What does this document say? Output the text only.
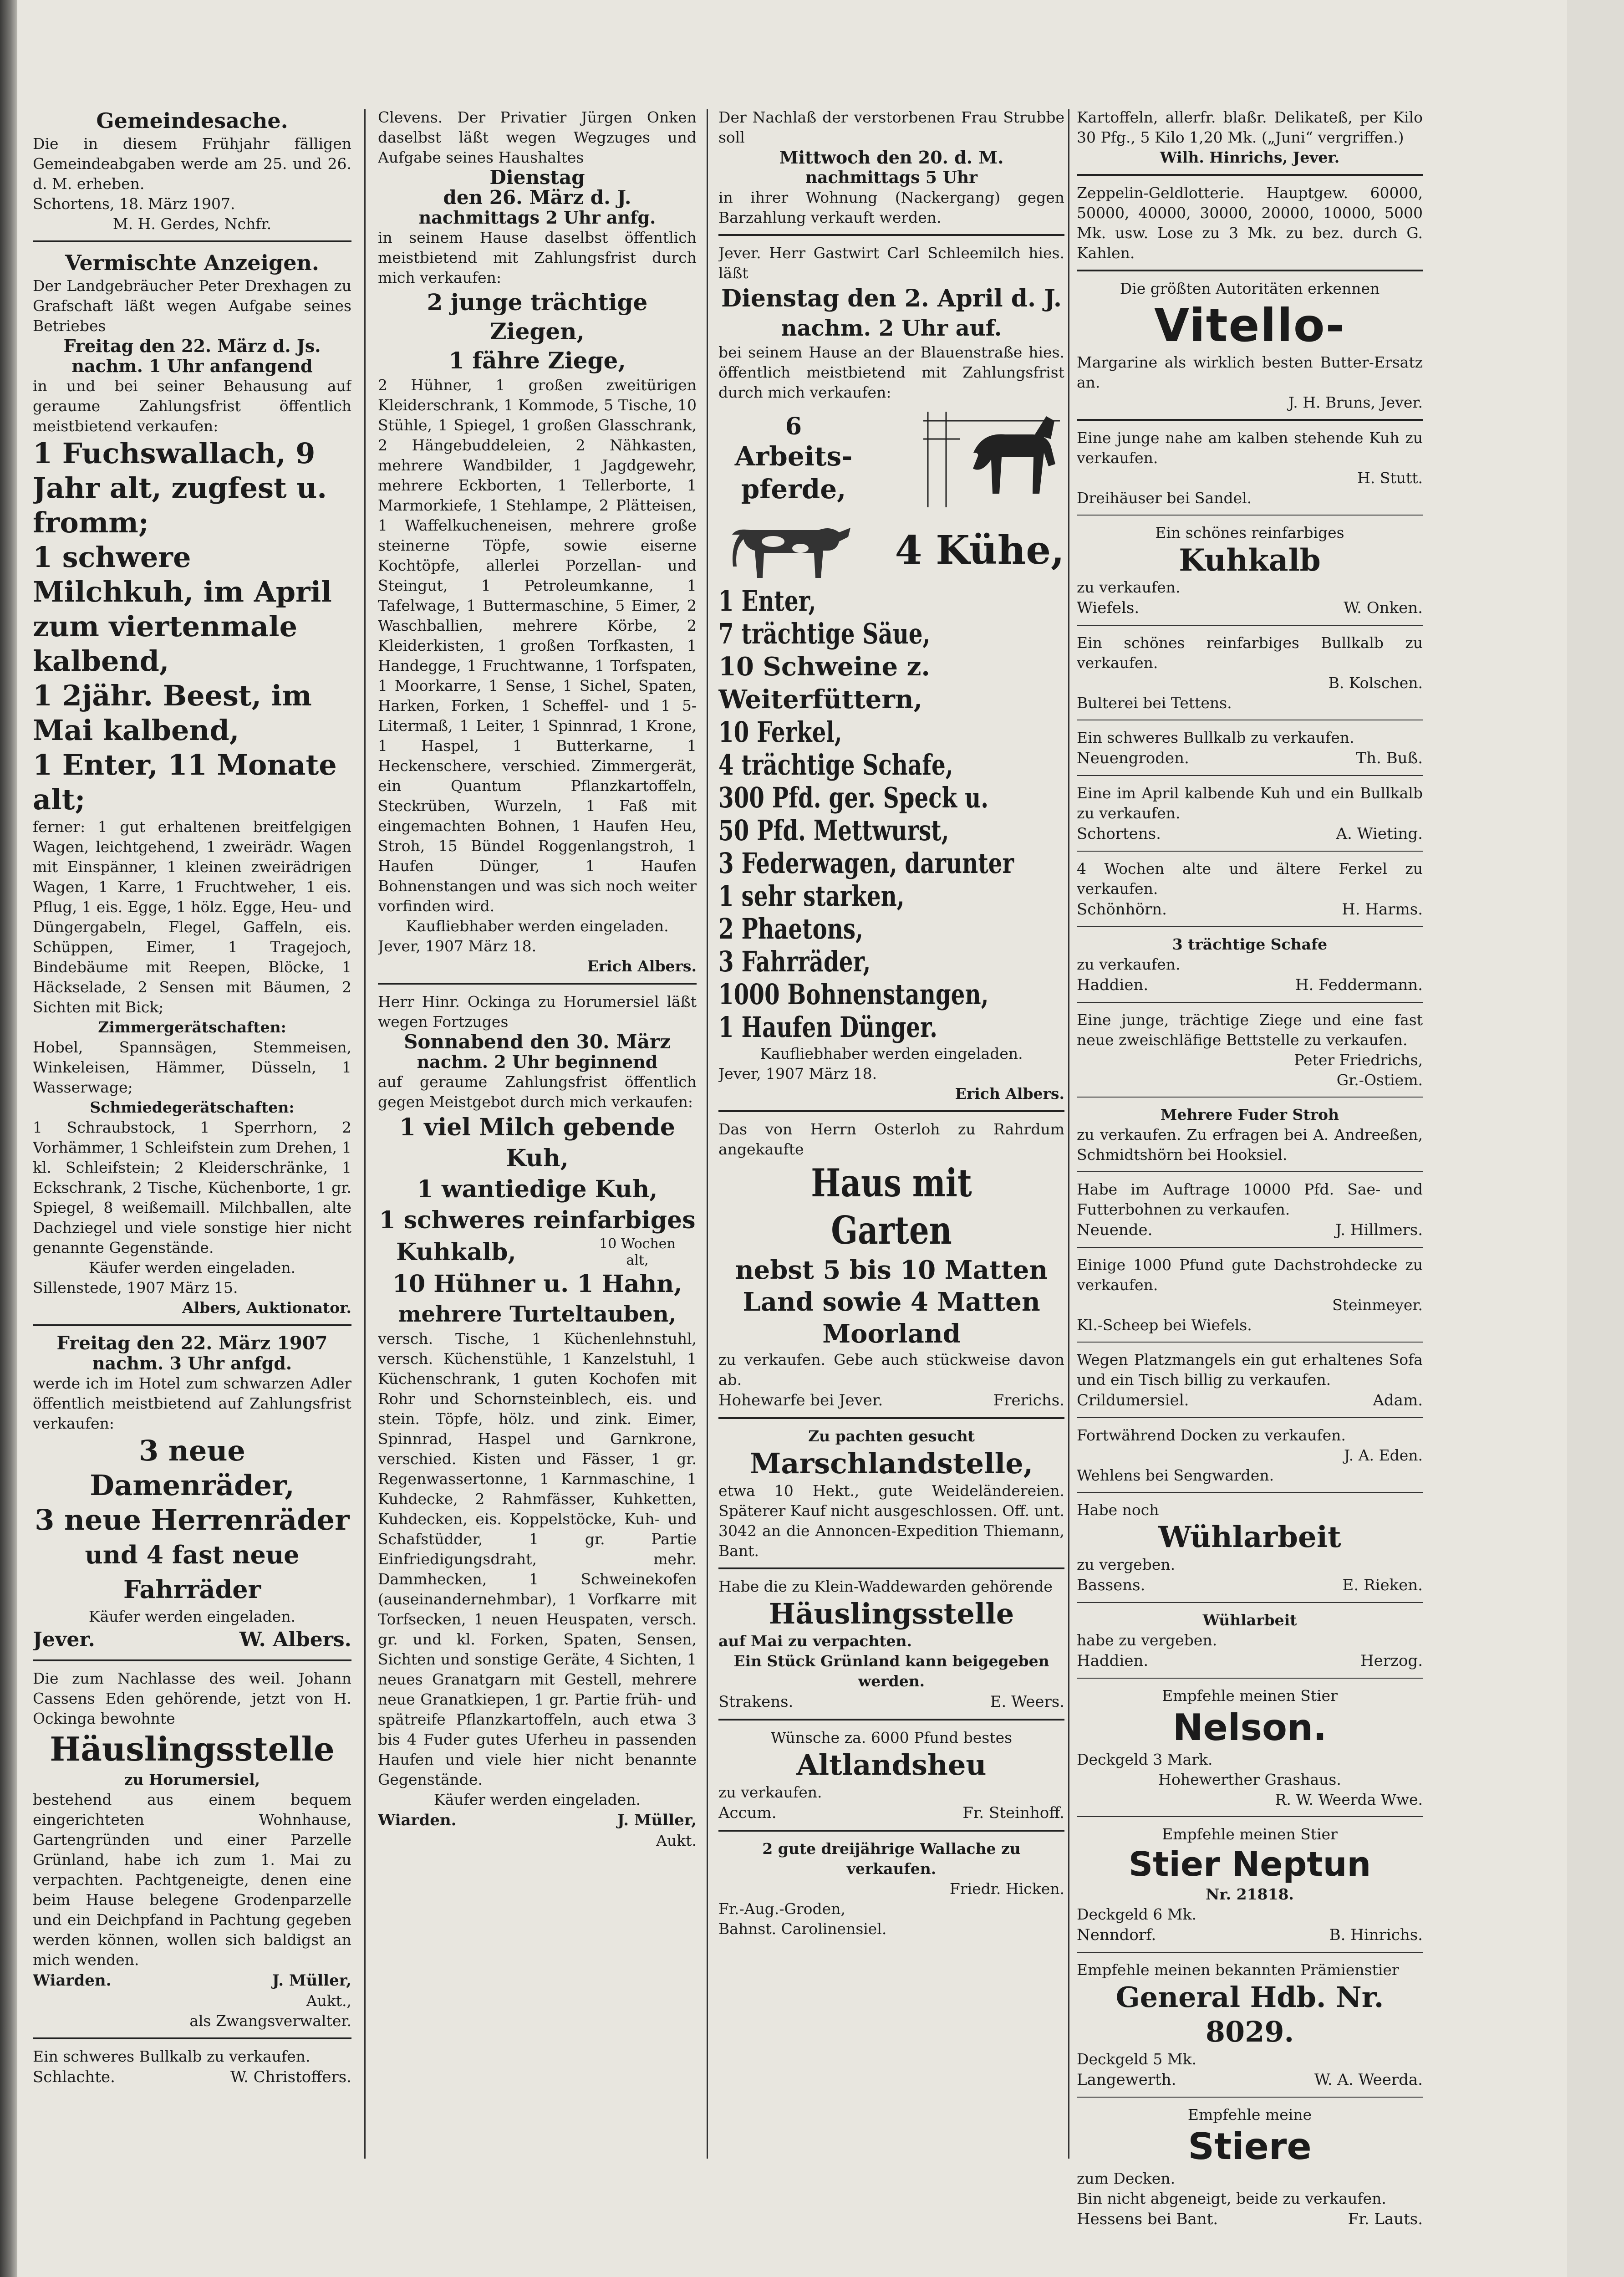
Gemeindesache.

Die in diesem Frühjahr fälligen Gemeindeabgaben werde am 25. und 26. d. M. erheben.

Schortens, 18. März 1907.

M. H. Gerdes, Nchfr.

Vermischte Anzeigen.

Der Landgebräucher Peter Drexhagen zu Grafschaft läßt wegen Aufgabe seines Betriebes

Freitag den 22. März d. Js.

nachm. 1 Uhr anfangend

in und bei seiner Behausung auf geraume Zahlungsfrist öffentlich meistbietend verkaufen:

1 Fuchswallach, 9 Jahr alt, zugfest u. fromm;

1 schwere Milchkuh, im April zum viertenmale kalbend,

1 2jähr. Beest, im Mai kalbend,

1 Enter, 11 Monate alt;

ferner: 1 gut erhaltenen breitfelgigen Wagen, leichtgehend, 1 zweirädr. Wagen mit Einspänner, 1 kleinen zweirädrigen Wagen, 1 Karre, 1 Fruchtweher, 1 eis. Pflug, 1 eis. Egge, 1 hölz. Egge, Heu- und Düngergabeln, Flegel, Gaffeln, eis. Schüppen, Eimer, 1 Tragejoch, Bindebäume mit Reepen, Blöcke, 1 Häckselade, 2 Sensen mit Bäumen, 2 Sichten mit Bick;

Zimmergerätschaften:

Hobel, Spannsägen, Stemmeisen, Winkeleisen, Hämmer, Düsseln, 1 Wasserwage;

Schmiedegerätschaften:

1 Schraubstock, 1 Sperrhorn, 2 Vorhämmer, 1 Schleifstein zum Drehen, 1 kl. Schleifstein; 2 Kleiderschränke, 1 Eckschrank, 2 Tische, Küchenborte, 1 gr. Spiegel, 8 weißemaill. Milchballen, alte Dachziegel und viele sonstige hier nicht genannte Gegenstände.

Käufer werden eingeladen.

Sillenstede, 1907 März 15.

Albers, Auktionator.

Freitag den 22. März 1907

nachm. 3 Uhr anfgd.

werde ich im Hotel zum schwarzen Adler öffentlich meistbietend auf Zahlungsfrist verkaufen:

3 neue Damenräder,

3 neue Herrenräder

und 4 fast neue Fahrräder

Käufer werden eingeladen.

Jever.	W. Albers.

Die zum Nachlasse des weil. Johann Cassens Eden gehörende, jetzt von H. Ockinga bewohnte

Häuslingsstelle

zu Horumersiel,

bestehend aus einem bequem eingerichteten Wohnhause, Gartengründen und einer Parzelle Grünland, habe ich zum 1. Mai zu verpachten. Pachtgeneigte, denen eine beim Hause belegene Grodenparzelle und ein Deichpfand in Pachtung gegeben werden können, wollen sich baldigst an mich wenden.

Wiarden.	J. Müller,

Aukt.,

als Zwangsverwalter.

Ein schweres Bullkalb zu verkaufen.

Schlachte.	W. Christoffers.

Clevens. Der Privatier Jürgen Onken daselbst läßt wegen Wegzuges und Aufgabe seines Haushaltes

Dienstag

den 26. März d. J.

nachmittags 2 Uhr anfg.

in seinem Hause daselbst öffentlich meistbietend mit Zahlungsfrist durch mich verkaufen:

2 junge trächtige Ziegen,

1 fähre Ziege,

2 Hühner, 1 großen zweitürigen Kleiderschrank, 1 Kommode, 5 Tische, 10 Stühle, 1 Spiegel, 1 großen Glasschrank, 2 Hängebuddeleien, 2 Nähkasten, mehrere Wandbilder, 1 Jagdgewehr, mehrere Eckborten, 1 Tellerborte, 1 Marmorkiefe, 1 Stehlampe, 2 Plätteisen, 1 Waffelkucheneisen, mehrere große steinerne Töpfe, sowie eiserne Kochtöpfe, allerlei Porzellan- und Steingut, 1 Petroleumkanne, 1 Tafelwage, 1 Buttermaschine, 5 Eimer, 2 Waschballien, mehrere Körbe, 2 Kleiderkisten, 1 großen Torfkasten, 1 Handegge, 1 Fruchtwanne, 1 Torfspaten, 1 Moorkarre, 1 Sense, 1 Sichel, Spaten, Harken, Forken, 1 Scheffel- und 1 5-Litermaß, 1 Leiter, 1 Spinnrad, 1 Krone, 1 Haspel, 1 Butterkarne, 1 Heckenschere, verschied. Zimmergerät, ein Quantum Pflanzkartoffeln, Steckrüben, Wurzeln, 1 Faß mit eingemachten Bohnen, 1 Haufen Heu, Stroh, 15 Bündel Roggenlangstroh, 1 Haufen Dünger, 1 Haufen Bohnenstangen und was sich noch weiter vorfinden wird.

Kaufliebhaber werden eingeladen.

Jever, 1907 März 18.

Erich Albers.

Herr Hinr. Ockinga zu Horumersiel läßt wegen Fortzuges

Sonnabend den 30. März

nachm. 2 Uhr beginnend

auf geraume Zahlungsfrist öffentlich gegen Meistgebot durch mich verkaufen:

1 viel Milch gebende Kuh,

1 wantiedige Kuh,

1 schweres reinfarbiges

Kuhkalb,	10 Wochen alt,

10 Hühner u. 1 Hahn,

mehrere Turteltauben,

versch. Tische, 1 Küchenlehnstuhl, versch. Küchenstühle, 1 Kanzelstuhl, 1 Küchenschrank, 1 guten Kochofen mit Rohr und Schornsteinblech, eis. und stein. Töpfe, hölz. und zink. Eimer, Spinnrad, Haspel und Garnkrone, verschied. Kisten und Fässer, 1 gr. Regenwassertonne, 1 Karnmaschine, 1 Kuhdecke, 2 Rahmfässer, Kuhketten, Kuhdecken, eis. Koppelstöcke, Kuh- und Schafstüdder, 1 gr. Partie Einfriedigungsdraht, mehr. Dammhecken, 1 Schweinekofen (auseinandernehmbar), 1 Vorfkarre mit Torfsecken, 1 neuen Heuspaten, versch. gr. und kl. Forken, Spaten, Sensen, Sichten und sonstige Geräte, 4 Sichten, 1 neues Granatgarn mit Gestell, mehrere neue Granatkiepen, 1 gr. Partie früh- und spätreife Pflanzkartoffeln, auch etwa 3 bis 4 Fuder gutes Uferheu in passenden Haufen und viele hier nicht benannte Gegenstände.

Käufer werden eingeladen.

Wiarden.	J. Müller,

Aukt.

Der Nachlaß der verstorbenen Frau Strubbe soll

Mittwoch den 20. d. M.

nachmittags 5 Uhr

in ihrer Wohnung (Nackergang) gegen Barzahlung verkauft werden.

Jever. Herr Gastwirt Carl Schleemilch hies. läßt

Dienstag den 2. April d. J.

nachm. 2 Uhr auf.

bei seinem Hause an der Blauenstraße hies. öffentlich meistbietend mit Zahlungsfrist durch mich verkaufen:

6

Arbeits-

pferde,

4 Kühe,

1 Enter,

7 trächtige Säue,

10 Schweine z. Weiterfüttern,

10 Ferkel,

4 trächtige Schafe,

300 Pfd. ger. Speck u.

50 Pfd. Mettwurst,

3 Federwagen, darunter

1 sehr starken,

2 Phaetons,

3 Fahrräder,

1000 Bohnenstangen,

1 Haufen Dünger.

Kaufliebhaber werden eingeladen.

Jever, 1907 März 18.

Erich Albers.

Das von Herrn Osterloh zu Rahrdum angekaufte

Haus mit Garten

nebst 5 bis 10 Matten

Land sowie 4 Matten

Moorland

zu verkaufen. Gebe auch stückweise davon ab.

Hohewarfe bei Jever.	Frerichs.

Zu pachten gesucht

Marschlandstelle,

etwa 10 Hekt., gute Weideländereien. Späterer Kauf nicht ausgeschlossen. Off. unt. 3042 an die Annoncen-Expedition Thiemann, Bant.

Habe die zu Klein-Waddewarden gehörende

Häuslingsstelle

auf Mai zu verpachten.

Ein Stück Grünland kann beigegeben werden.

Strakens.	E. Weers.

Wünsche za. 6000 Pfund bestes

Altlandsheu

zu verkaufen.

Accum.	Fr. Steinhoff.

2 gute dreijährige Wallache zu verkaufen.

Friedr. Hicken.

Fr.-Aug.-Groden,

Bahnst. Carolinensiel.

Kartoffeln, allerfr. blaßr. Delikateß, per Kilo 30 Pfg., 5 Kilo 1,20 Mk. („Juni“ vergriffen.)

Wilh. Hinrichs, Jever.

Zeppelin-Geldlotterie. Hauptgew. 60000, 50000, 40000, 30000, 20000, 10000, 5000 Mk. usw. Lose zu 3 Mk. zu bez. durch G. Kahlen.

Die größten Autoritäten erkennen

Vitello-

Margarine als wirklich besten Butter-Ersatz an.

J. H. Bruns, Jever.

Eine junge nahe am kalben stehende Kuh zu verkaufen.

H. Stutt.

Dreihäuser bei Sandel.

Ein schönes reinfarbiges

Kuhkalb

zu verkaufen.

Wiefels.	W. Onken.

Ein schönes reinfarbiges Bullkalb zu verkaufen.

B. Kolschen.

Bulterei bei Tettens.

Ein schweres Bullkalb zu verkaufen.

Neuengroden.	Th. Buß.

Eine im April kalbende Kuh und ein Bullkalb zu verkaufen.

Schortens.	A. Wieting.

4 Wochen alte und ältere Ferkel zu verkaufen.

Schönhörn.	H. Harms.

3 trächtige Schafe

zu verkaufen.

Haddien.	H. Feddermann.

Eine junge, trächtige Ziege und eine fast neue zweischläfige Bettstelle zu verkaufen.

Peter Friedrichs,

Gr.-Ostiem.

Mehrere Fuder Stroh

zu verkaufen. Zu erfragen bei A. Andreeßen, Schmidtshörn bei Hooksiel.

Habe im Auftrage 10000 Pfd. Sae- und Futterbohnen zu verkaufen.

Neuende.	J. Hillmers.

Einige 1000 Pfund gute Dachstrohdecke zu verkaufen.

Steinmeyer.

Kl.-Scheep bei Wiefels.

Wegen Platzmangels ein gut erhaltenes Sofa und ein Tisch billig zu verkaufen.

Crildumersiel.	Adam.

Fortwährend Docken zu verkaufen.

J. A. Eden.

Wehlens bei Sengwarden.

Habe noch

Wühlarbeit

zu vergeben.

Bassens.	E. Rieken.

Wühlarbeit

habe zu vergeben.

Haddien.	Herzog.

Empfehle meinen Stier

Nelson.

Deckgeld 3 Mark.

Hohewerther Grashaus.

R. W. Weerda Wwe.

Empfehle meinen Stier

Stier Neptun

Nr. 21818.

Deckgeld 6 Mk.

Nenndorf.	B. Hinrichs.

Empfehle meinen bekannten Prämienstier

General Hdb. Nr. 8029.

Deckgeld 5 Mk.

Langewerth.	W. A. Weerda.

Empfehle meine

Stiere

zum Decken.

Bin nicht abgeneigt, beide zu verkaufen.

Hessens bei Bant.	Fr. Lauts.
